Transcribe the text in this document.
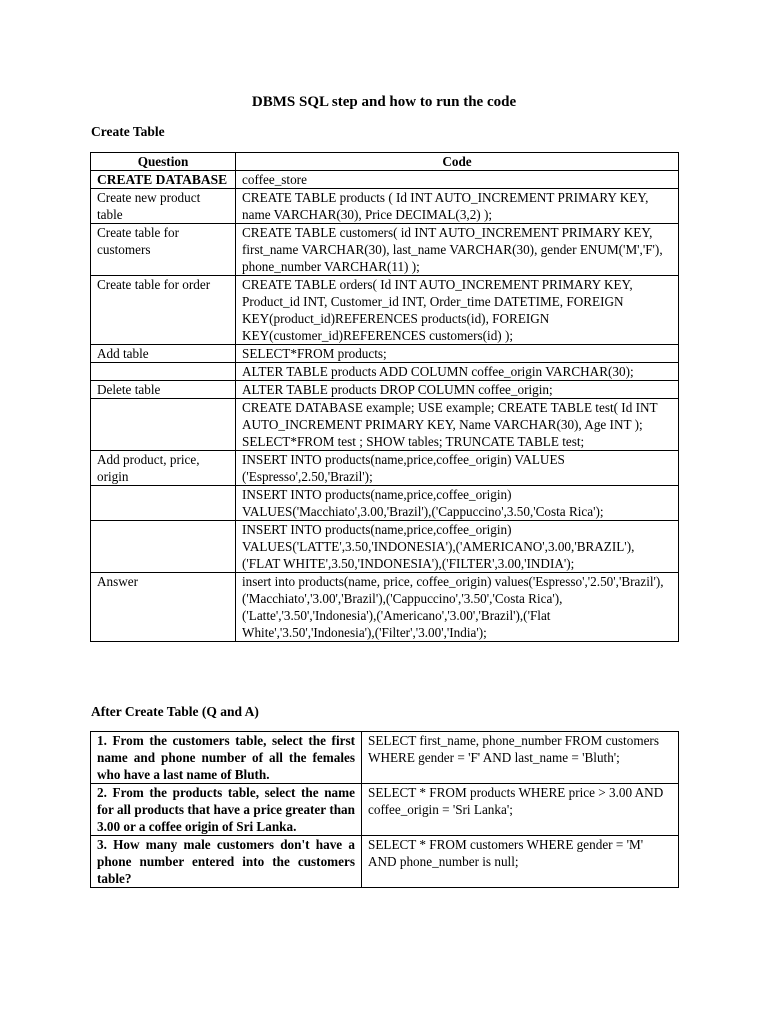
DBMS SQL step and how to run the code
Create Table
Question	Code
CREATE DATABASE	coffee_store
Create new product table	CREATE TABLE products ( Id INT AUTO_INCREMENT PRIMARY KEY, name VARCHAR(30), Price DECIMAL(3,2) );
Create table for customers	CREATE TABLE customers( id INT AUTO_INCREMENT PRIMARY KEY, first_name VARCHAR(30), last_name VARCHAR(30), gender ENUM('M','F'), phone_number VARCHAR(11) );
Create table for order	CREATE TABLE orders( Id INT AUTO_INCREMENT PRIMARY KEY, Product_id INT, Customer_id INT, Order_time DATETIME, FOREIGN KEY(product_id)REFERENCES products(id), FOREIGN KEY(customer_id)REFERENCES customers(id) );
Add table	SELECT*FROM products;
	ALTER TABLE products ADD COLUMN coffee_origin VARCHAR(30);
Delete table	ALTER TABLE products DROP COLUMN coffee_origin;
	CREATE DATABASE example; USE example; CREATE TABLE test( Id INT AUTO_INCREMENT PRIMARY KEY, Name VARCHAR(30), Age INT ); SELECT*FROM test ; SHOW tables; TRUNCATE TABLE test;
Add product, price, origin	INSERT INTO products(name,price,coffee_origin) VALUES ('Espresso',2.50,'Brazil');
	INSERT INTO products(name,price,coffee_origin) VALUES('Macchiato',3.00,'Brazil'),('Cappuccino',3.50,'Costa Rica');
	INSERT INTO products(name,price,coffee_origin) VALUES('LATTE',3.50,'INDONESIA'),('AMERICANO',3.00,'BRAZIL'),('FLAT WHITE',3.50,'INDONESIA'),('FILTER',3.00,'INDIA');
Answer	insert into products(name, price, coffee_origin) values('Espresso','2.50','Brazil'),('Macchiato','3.00','Brazil'),('Cappuccino','3.50','Costa Rica'),('Latte','3.50','Indonesia'),('Americano','3.00','Brazil'),('Flat White','3.50','Indonesia'),('Filter','3.00','India');
After Create Table (Q and A)
1. From the customers table, select the first name and phone number of all the females who have a last name of Bluth.	SELECT first_name, phone_number FROM customers WHERE gender = 'F' AND last_name = 'Bluth';
2. From the products table, select the name for all products that have a price greater than 3.00 or a coffee origin of Sri Lanka.	SELECT * FROM products WHERE price > 3.00 AND coffee_origin = 'Sri Lanka';
3. How many male customers don't have a phone number entered into the customers table?	SELECT * FROM customers WHERE gender = 'M' AND phone_number is null;
